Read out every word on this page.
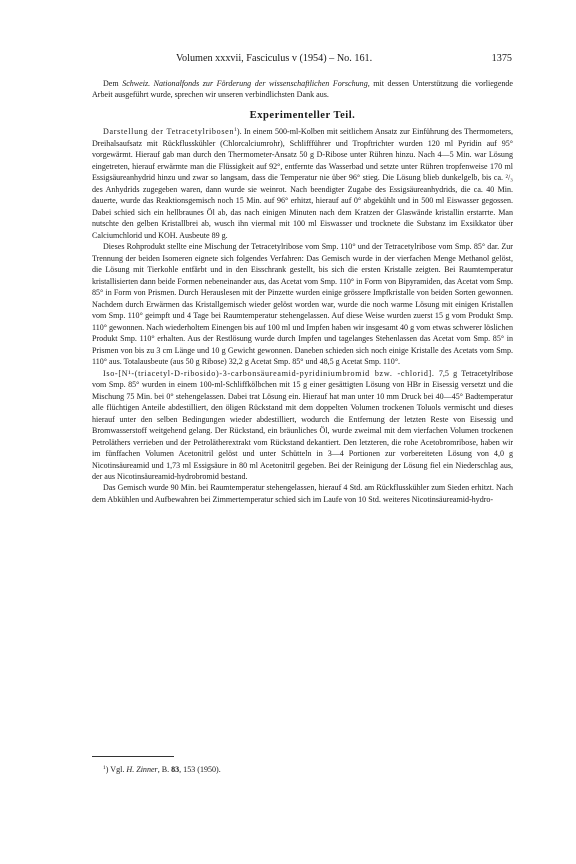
Volumen xxxvii, Fasciculus v (1954) – No. 161.	1375

Dem Schweiz. Nationalfonds zur Förderung der wissenschaftlichen Forschung, mit dessen Unterstützung die vorliegende Arbeit ausgeführt wurde, sprechen wir unseren verbindlichsten Dank aus.

Experimenteller Teil.

Darstellung der Tetracetylribosen$^1$). In einem 500-ml-Kolben mit seitlichem Ansatz zur Einführung des Thermometers, Dreihalsaufsatz mit Rückflusskühler (Chlorcalciumrohr), Schliffführer und Tropftrichter wurden 120 ml Pyridin auf 95° vorgewärmt. Hierauf gab man durch den Thermometer-Ansatz 50 g D-Ribose unter Rühren hinzu. Nach 4—5 Min. war Lösung eingetreten, hierauf erwärmte man die Flüssigkeit auf 92°, entfernte das Wasserbad und setzte unter Rühren tropfenweise 170 ml Essigsäureanhydrid hinzu und zwar so langsam, dass die Temperatur nie über 96° stieg. Die Lösung blieb dunkelgelb, bis ca. ²/₃ des Anhydrids zugegeben waren, dann wurde sie weinrot. Nach beendigter Zugabe des Essigsäureanhydrids, die ca. 40 Min. dauerte, wurde das Reaktionsgemisch noch 15 Min. auf 96° erhitzt, hierauf auf 0° abgekühlt und in 500 ml Eiswasser gegossen. Dabei schied sich ein hellbraunes Öl ab, das nach einigen Minuten nach dem Kratzen der Glaswände kristallin erstarrte. Man nutschte den gelben Kristallbrei ab, wusch ihn viermal mit 100 ml Eiswasser und trocknete die Substanz im Exsikkator über Calciumchlorid und KOH. Ausbeute 89 g.

Dieses Rohprodukt stellte eine Mischung der Tetracetylribose vom Smp. 110° und der Tetracetylribose vom Smp. 85° dar. Zur Trennung der beiden Isomeren eignete sich folgendes Verfahren: Das Gemisch wurde in der vierfachen Menge Methanol gelöst, die Lösung mit Tierkohle entfärbt und in den Eisschrank gestellt, bis sich die ersten Kristalle zeigten. Bei Raumtemperatur kristallisierten dann beide Formen nebeneinander aus, das Acetat vom Smp. 110° in Form von Bipyramiden, das Acetat vom Smp. 85° in Form von Prismen. Durch Herauslesen mit der Pinzette wurden einige grössere Impfkristalle von beiden Sorten gewonnen. Nachdem durch Erwärmen das Kristallgemisch wieder gelöst worden war, wurde die noch warme Lösung mit einigen Kristallen vom Smp. 110° geimpft und 4 Tage bei Raumtemperatur stehengelassen. Auf diese Weise wurden zuerst 15 g vom Produkt Smp. 110° gewonnen. Nach wiederholtem Einengen bis auf 100 ml und Impfen haben wir insgesamt 40 g vom etwas schwerer löslichen Produkt Smp. 110° erhalten. Aus der Restlösung wurde durch Impfen und tagelanges Stehenlassen das Acetat vom Smp. 85° in Prismen von bis zu 3 cm Länge und 10 g Gewicht gewonnen. Daneben schieden sich noch einige Kristalle des Acetats vom Smp. 110° aus. Totalausbeute (aus 50 g Ribose) 32,2 g Acetat Smp. 85° und 48,5 g Acetat Smp. 110°.

Iso-[N¹-(triacetyl-D-ribosido)-3-carbonsäureamid-pyridiniumbromid bzw. -chlorid]. 7,5 g Tetracetylribose vom Smp. 85° wurden in einem 100-ml-Schliffkölbchen mit 15 g einer gesättigten Lösung von HBr in Eisessig versetzt und die Mischung 75 Min. bei 0° stehengelassen. Dabei trat Lösung ein. Hierauf hat man unter 10 mm Druck bei 40—45° Badtemperatur alle flüchtigen Anteile abdestilliert, den öligen Rückstand mit dem doppelten Volumen trockenen Toluols vermischt und dieses hierauf unter den selben Bedingungen wieder abdestilliert, wodurch die Entfernung der letzten Reste von Eisessig und Bromwasserstoff weitgehend gelang. Der Rückstand, ein bräunliches Öl, wurde zweimal mit dem vierfachen Volumen trockenen Petroläthers verrieben und der Petrolätherextrakt vom Rückstand dekantiert. Den letzteren, die rohe Acetobromribose, haben wir im fünffachen Volumen Acetonitril gelöst und unter Schütteln in 3—4 Portionen zur vorbereiteten Lösung von 4,0 g Nicotinsäureamid und 1,73 ml Essigsäure in 80 ml Acetonitril gegeben. Bei der Reinigung der Lösung fiel ein Niederschlag aus, der aus Nicotinsäureamid-hydrobromid bestand.

Das Gemisch wurde 90 Min. bei Raumtemperatur stehengelassen, hierauf 4 Std. am Rückflusskühler zum Sieden erhitzt. Nach dem Abkühlen und Aufbewahren bei Zimmertemperatur schied sich im Laufe von 10 Std. weiteres Nicotinsäureamid-hydro-

$^1$) Vgl. H. Zinner, B. 83, 153 (1950).
